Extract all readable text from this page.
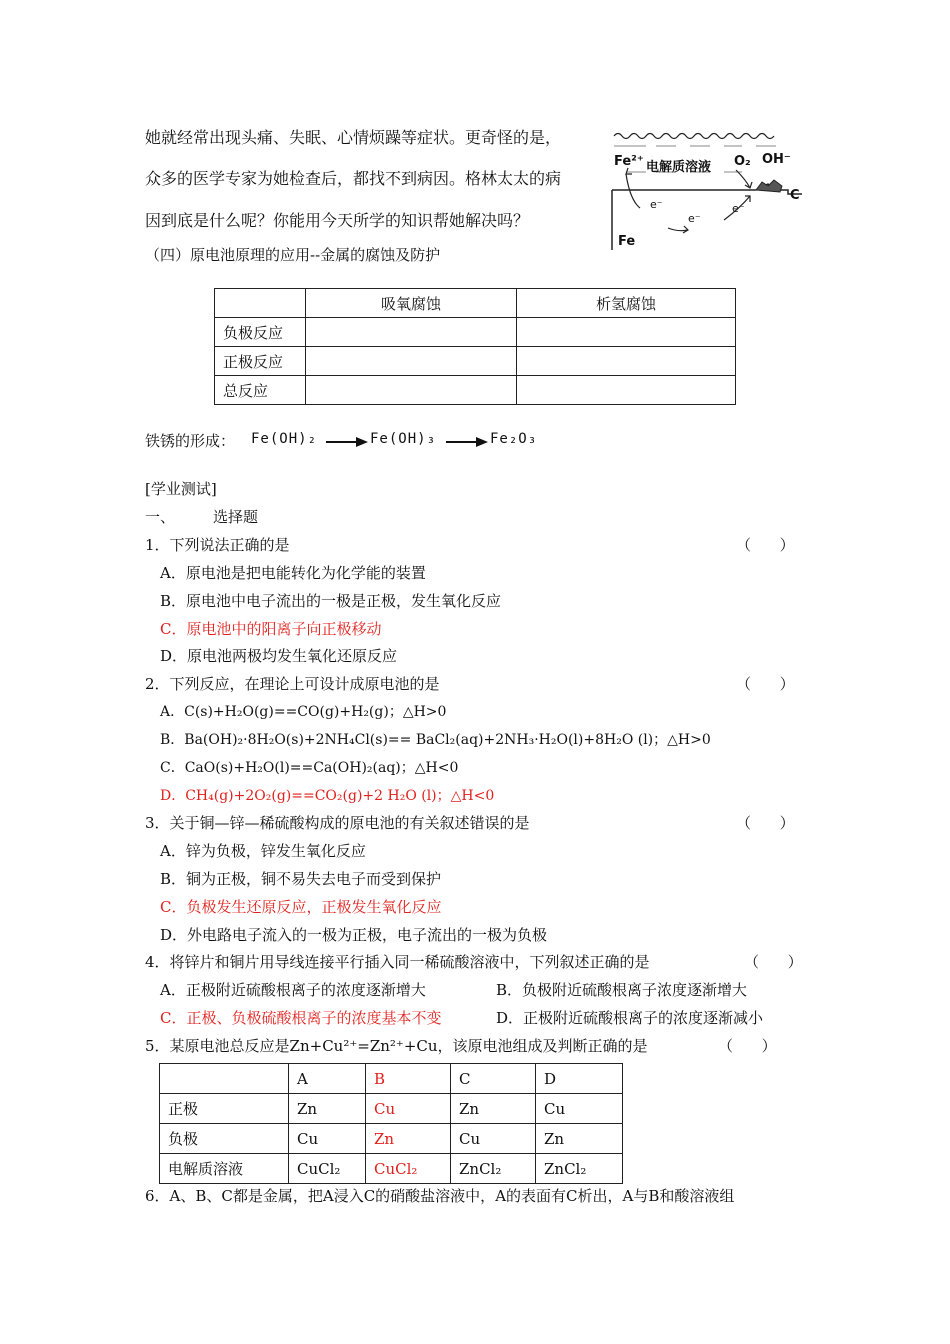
她就经常出现头痛、失眠、心情烦躁等症状。更奇怪的是，
众多的医学专家为她检查后，都找不到病因。格林太太的病
因到底是什么呢？你能用今天所学的知识帮她解决吗？
Fe²⁺ 电解质溶液 O₂ OH⁻
C
Fe
e⁻
e⁻
e⁻
（四）原电池原理的应用--金属的腐蚀及防护
	吸氧腐蚀	析氢腐蚀
负极反应		
正极反应		
总反应		
铁锈的形成： Fe(OH)₂	Fe(OH)₃	Fe₂O₃
[学业测试]
一、	选择题
1．下列说法正确的是	（      ）
A．原电池是把电能转化为化学能的装置
B．原电池中电子流出的一极是正极，发生氧化反应
C．原电池中的阳离子向正极移动
D．原电池两极均发生氧化还原反应
2．下列反应，在理论上可设计成原电池的是	（      ）
A．C(s)+H₂O(g)==CO(g)+H₂(g)；△H>0
B．Ba(OH)₂·8H₂O(s)+2NH₄Cl(s)== BaCl₂(aq)+2NH₃·H₂O(l)+8H₂O (l)；△H>0
C．CaO(s)+H₂O(l)==Ca(OH)₂(aq)；△H<0
D．CH₄(g)+2O₂(g)==CO₂(g)+2 H₂O (l)；△H<0
3．关于铜—锌—稀硫酸构成的原电池的有关叙述错误的是	（      ）
A．锌为负极，锌发生氧化反应
B．铜为正极，铜不易失去电子而受到保护
C．负极发生还原反应，正极发生氧化反应
D．外电路电子流入的一极为正极，电子流出的一极为负极
4．将锌片和铜片用导线连接平行插入同一稀硫酸溶液中，下列叙述正确的是	（      ）
A．正极附近硫酸根离子的浓度逐渐增大	B．负极附近硫酸根离子浓度逐渐增大
C．正极、负极硫酸根离子的浓度基本不变	D．正极附近硫酸根离子的浓度逐渐减小
5．某原电池总反应是Zn+Cu²⁺=Zn²⁺+Cu，该原电池组成及判断正确的是	（      ）
	A	B	C	D
正极	Zn	Cu	Zn	Cu
负极	Cu	Zn	Cu	Zn
电解质溶液	CuCl₂	CuCl₂	ZnCl₂	ZnCl₂
6．A、B、C都是金属，把A浸入C的硝酸盐溶液中，A的表面有C析出，A与B和酸溶液组
